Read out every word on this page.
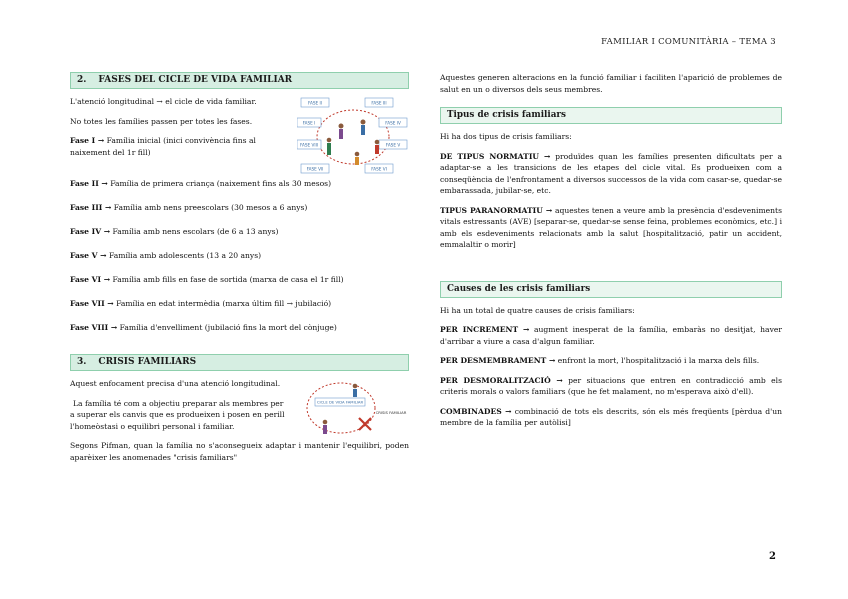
FAMILIAR I COMUNITÀRIA – TEMA 3
2. FASES DEL CICLE DE VIDA FAMILIAR

L'atenció longitudinal → el cicle de vida familiar.

No totes les famílies passen per totes les fases.

Fase I → Família inicial (inici convivència fins al naixement del 1r fill)

FASE II	FASE III
FASE I	FASE IV
FASE VIII	FASE V
FASE VII	FASE VI

Fase II → Família de primera criança (naixement fins als 30 mesos)

Fase III → Família amb nens preescolars (30 mesos a 6 anys)

Fase IV → Família amb nens escolars (de 6 a 13 anys)

Fase V → Família amb adolescents (13 a 20 anys)

Fase VI → Família amb fills en fase de sortida (marxa de casa el 1r fill)

Fase VII → Família en edat intermèdia (marxa últim fill → jubilació)

Fase VIII → Família d'envelliment (jubilació fins la mort del cònjuge)

3. CRISIS FAMILIARS

Aquest enfocament precisa d'una atenció longitudinal.

La família té com a objectiu preparar als membres per a superar els canvis que es produeixen i posen en perill l'homeòstasi o equilibri personal i familiar.

CICLE DE VIDA FAMILIAR
CRISIS FAMILIAR

Segons Pifman, quan la família no s'aconsegueix adaptar i mantenir l'equilibri, poden aparèixer les anomenades "crisis familiars"

Aquestes generen alteracions en la funció familiar i faciliten l'aparició de problemes de salut en un o diversos dels seus membres.

Tipus de crisis familiars

Hi ha dos tipus de crisis familiars:

DE TIPUS NORMATIU → produïdes quan les famílies presenten dificultats per a adaptar-se a les transicions de les etapes del cicle vital. Es produeixen com a conseqüència de l'enfrontament a diversos successos de la vida com casar-se, quedar-se embarassada, jubilar-se, etc.

TIPUS PARANORMATIU → aquestes tenen a veure amb la presència d'esdeveniments vitals estressants (AVE) [separar-se, quedar-se sense feina, problemes econòmics, etc.] i amb els esdeveniments relacionats amb la salut [hospitalització, patir un accident, emmalaltir o morir]

Causes de les crisis familiars

Hi ha un total de quatre causes de crisis familiars:

PER INCREMENT → augment inesperat de la família, embaràs no desitjat, haver d'arribar a viure a casa d'algun familiar.

PER DESMEMBRAMENT → enfront la mort, l'hospitalització i la marxa dels fills.

PER DESMORALITZACIÓ → per situacions que entren en contradicció amb els criteris morals o valors familiars (que he fet malament, no m'esperava això d'ell).

COMBINADES → combinació de tots els descrits, són els més freqüents [pèrdua d'un membre de la família per autòlisi]

2
